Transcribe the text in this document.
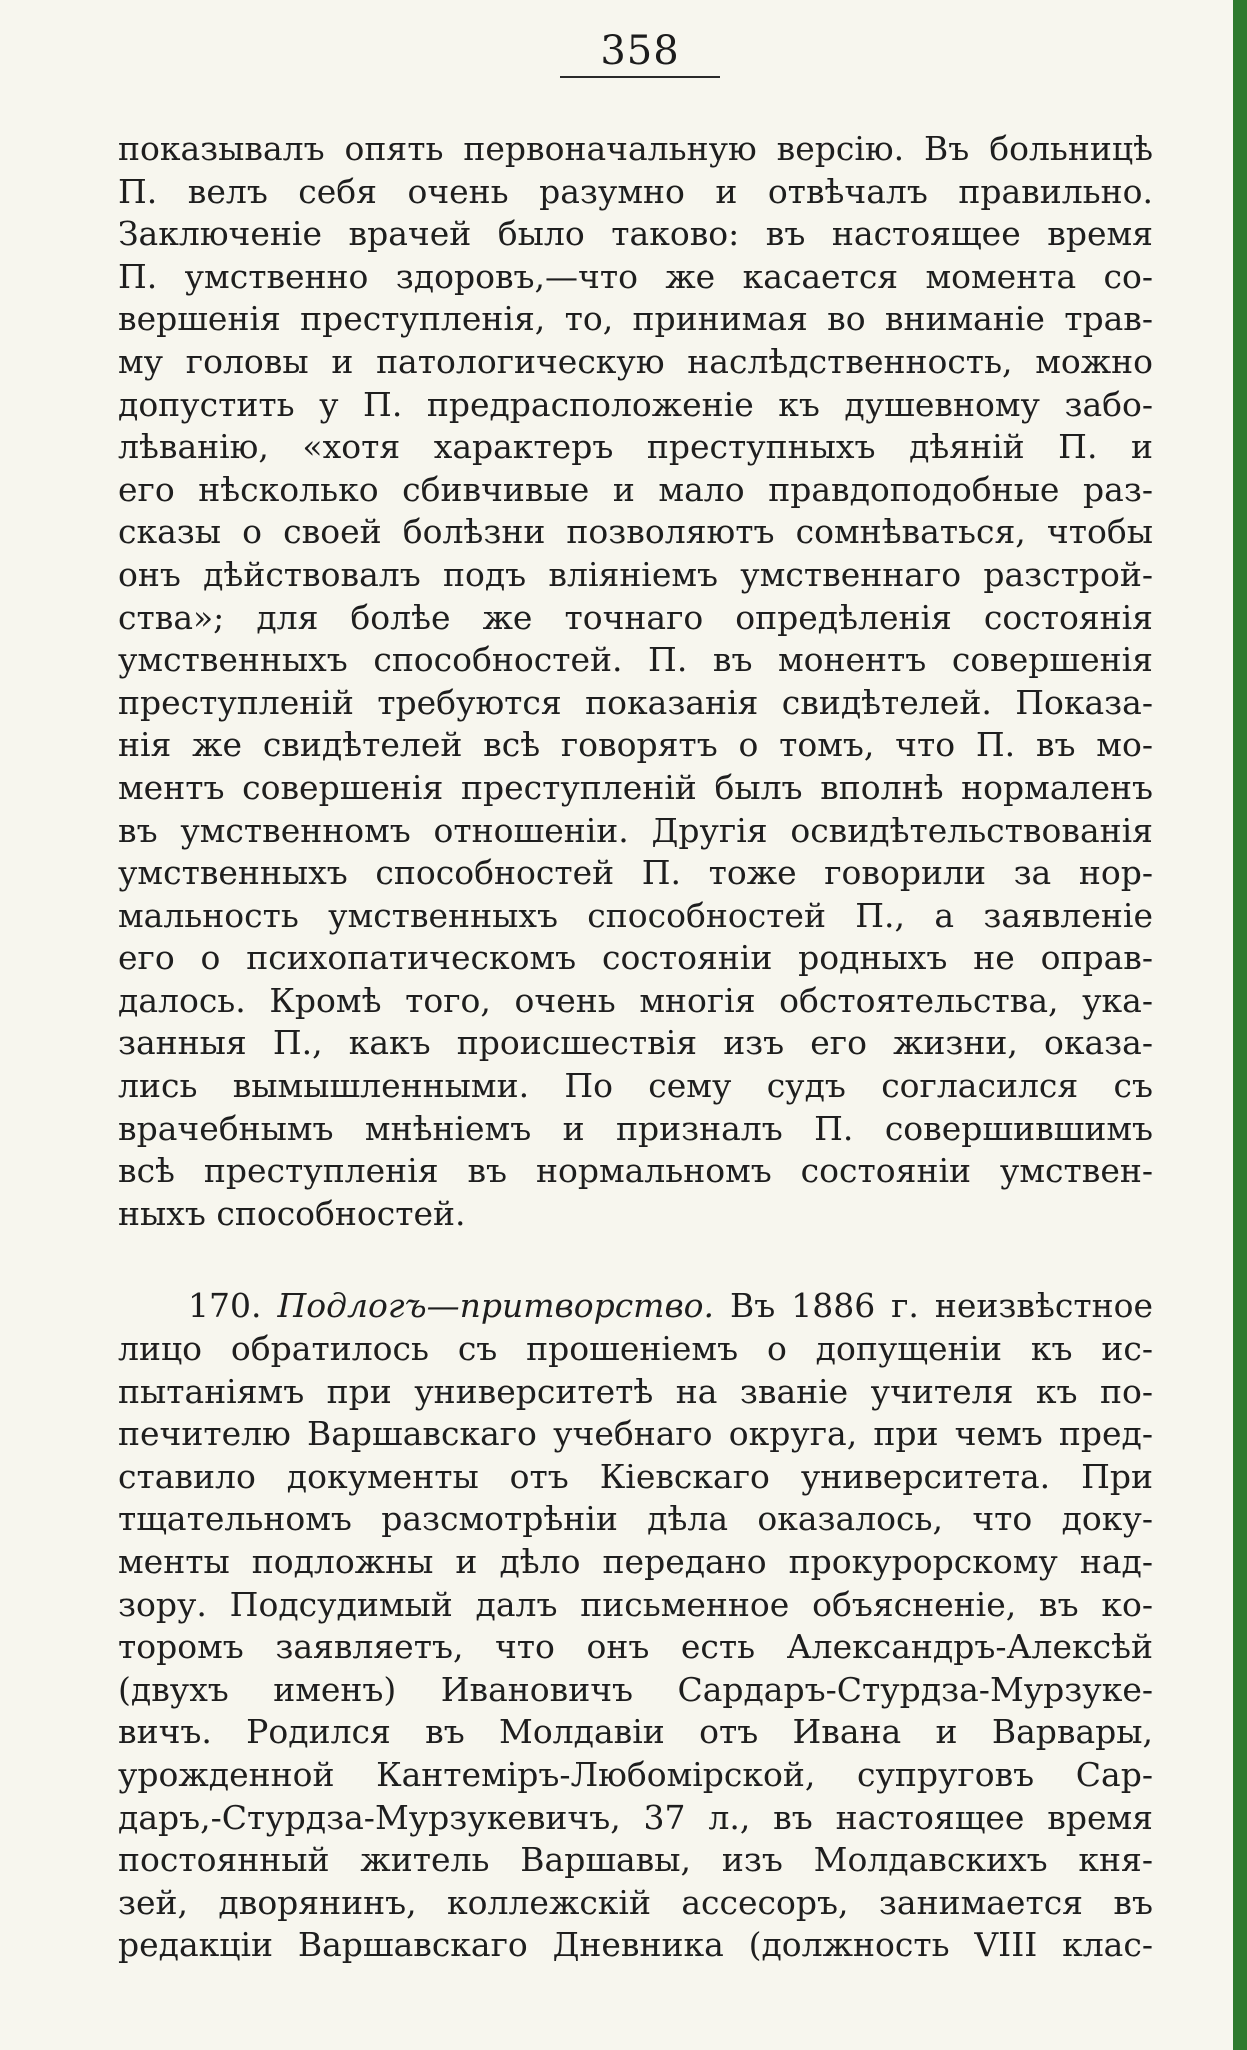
358
показывалъ опять первоначальную версію. Въ больницѣ
П. велъ себя очень разумно и отвѣчалъ правильно.
Заключеніе врачей было таково: въ настоящее время
П. умственно здоровъ,—что же касается момента со-
вершенія преступленія, то, принимая во вниманіе трав-
му головы и патологическую наслѣдственность, можно
допустить у П. предрасположеніе къ душевному забо-
лѣванію, «хотя характеръ преступныхъ дѣяній П. и
его нѣсколько сбивчивые и мало правдоподобные раз-
сказы о своей болѣзни позволяютъ сомнѣваться, чтобы
онъ дѣйствовалъ подъ вліяніемъ умственнаго разстрой-
ства»; для болѣе же точнаго опредѣленія состоянія
умственныхъ способностей. П. въ монентъ совершенія
преступленій требуются показанія свидѣтелей. Показа-
нія же свидѣтелей всѣ говорятъ о томъ, что П. въ мо-
ментъ совершенія преступленій былъ вполнѣ нормаленъ
въ умственномъ отношеніи. Другія освидѣтельствованія
умственныхъ способностей П. тоже говорили за нор-
мальность умственныхъ способностей П., а заявленіе
его о психопатическомъ состояніи родныхъ не оправ-
далось. Кромѣ того, очень многія обстоятельства, ука-
занныя П., какъ происшествія изъ его жизни, оказа-
лись вымышленными. По сему судъ согласился съ
врачебнымъ мнѣніемъ и призналъ П. совершившимъ
всѣ преступленія въ нормальномъ состояніи умствен-
ныхъ способностей.
170. Подлогъ—притворство. Въ 1886 г. неизвѣстное
лицо обратилось съ прошеніемъ о допущеніи къ ис-
пытаніямъ при университетѣ на званіе учителя къ по-
печителю Варшавскаго учебнаго округа, при чемъ пред-
ставило документы отъ Кіевскаго университета. При
тщательномъ разсмотрѣніи дѣла оказалось, что доку-
менты подложны и дѣло передано прокурорскому над-
зору. Подсудимый далъ письменное объясненіе, въ ко-
торомъ заявляетъ, что онъ есть Александръ-Алексѣй
(двухъ именъ) Ивановичъ Сардаръ-Стурдза-Мурзуке-
вичъ. Родился въ Молдавіи отъ Ивана и Варвары,
урожденной Кантеміръ-Любомірской, супруговъ Сар-
даръ,-Стурдза-Мурзукевичъ, 37 л., въ настоящее время
постоянный житель Варшавы, изъ Молдавскихъ кня-
зей, дворянинъ, коллежскій ассесоръ, занимается въ
редакціи Варшавскаго Дневника (должность VIII клас-
